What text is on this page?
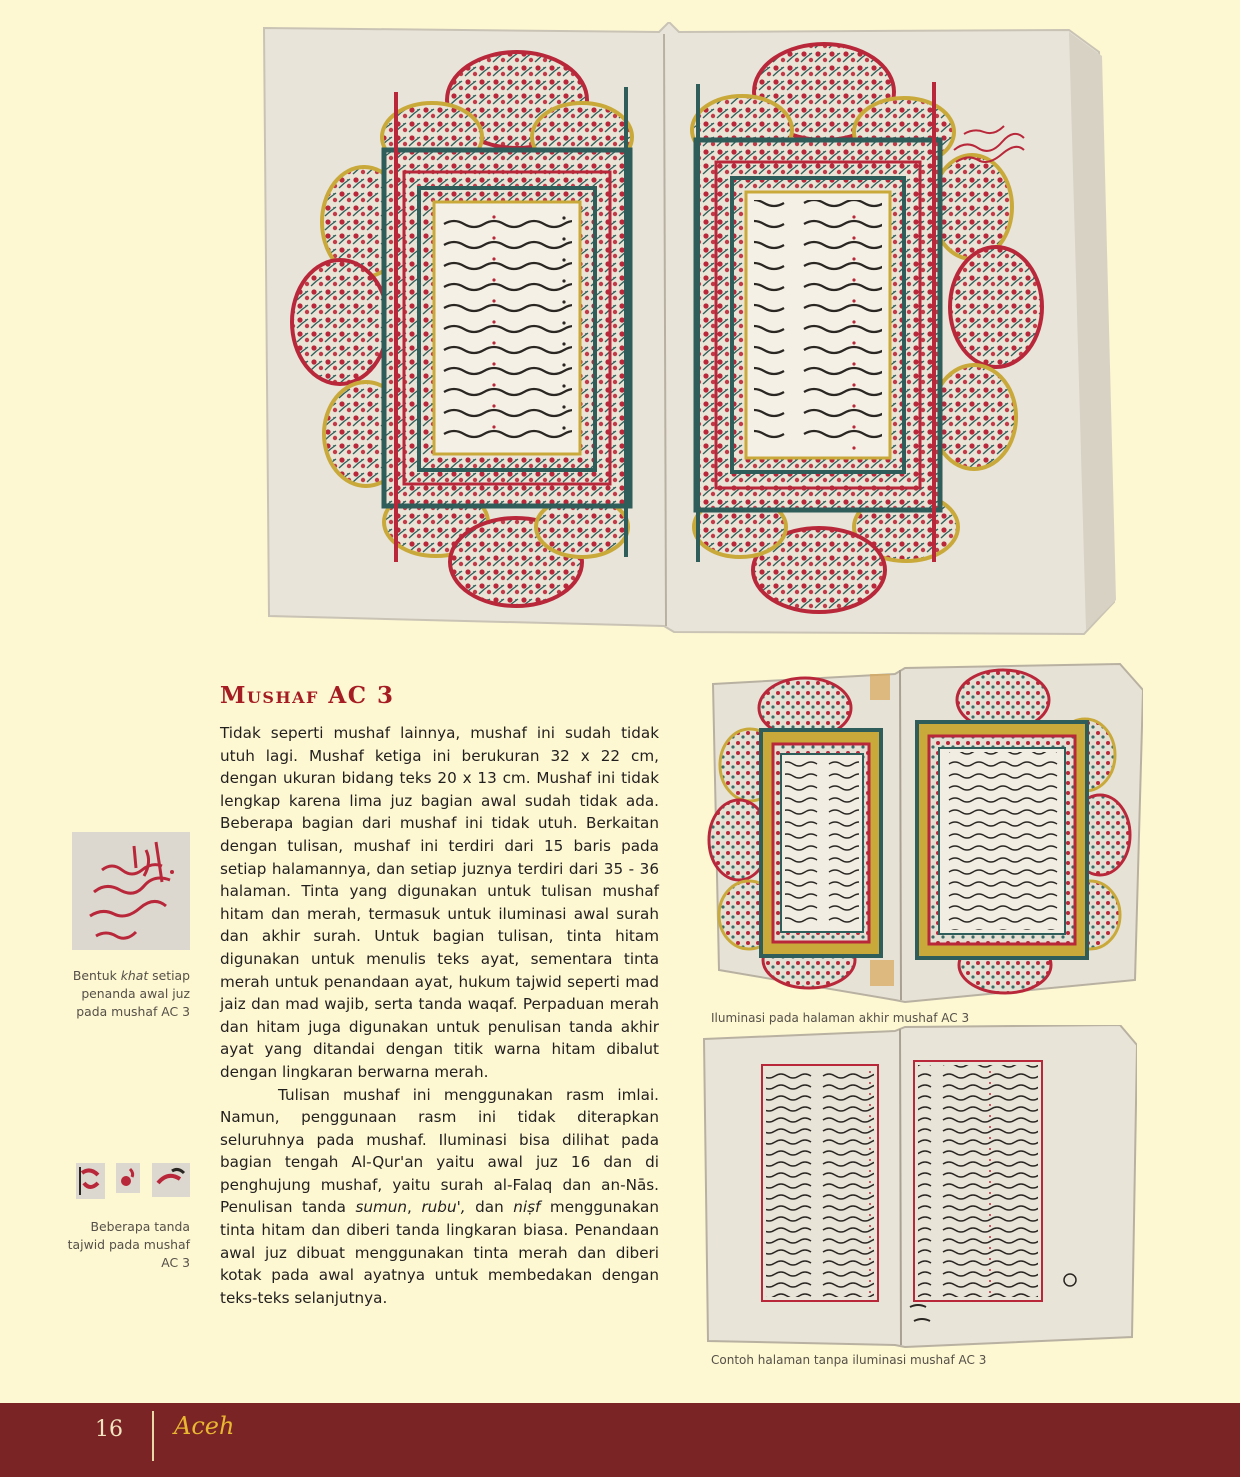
Mushaf AC 3

Tidak seperti mushaf lainnya, mushaf ini sudah tidak utuh lagi. Mushaf ketiga ini berukuran 32 x 22 cm, dengan ukuran bidang teks 20 x 13 cm. Mushaf ini tidak lengkap karena lima juz bagian awal sudah tidak ada. Beberapa bagian dari mushaf ini tidak utuh. Berkaitan dengan tulisan, mushaf ini terdiri dari 15 baris pada setiap halamannya, dan setiap juznya terdiri dari 35 - 36 halaman. Tinta yang digunakan untuk tulisan mushaf hitam dan merah, termasuk untuk iluminasi awal surah dan akhir surah. Untuk bagian tulisan, tinta hitam digunakan untuk menulis teks ayat, sementara tinta merah untuk penandaan ayat, hukum tajwid seperti mad jaiz dan mad wajib, serta tanda waqaf. Perpaduan merah dan hitam juga digunakan untuk penulisan tanda akhir ayat yang ditandai dengan titik warna hitam dibalut dengan lingkaran berwarna merah.

Tulisan mushaf ini menggunakan rasm imlai. Namun, penggunaan rasm ini tidak diterapkan seluruhnya pada mushaf. Iluminasi bisa dilihat pada bagian tengah Al-Qur'an yaitu awal juz 16 dan di penghujung mushaf, yaitu surah al-Falaq dan an-Nās. Penulisan tanda sumun, rubu', dan niṣf menggunakan tinta hitam dan diberi tanda lingkaran biasa. Penandaan awal juz dibuat menggunakan tinta merah dan diberi kotak pada awal ayatnya untuk membedakan dengan teks-teks selanjutnya.

Bentuk khat setiap penanda awal juz pada mushaf AC 3

Beberapa tanda tajwid pada mushaf AC 3

Iluminasi pada halaman akhir mushaf AC 3

Contoh halaman tanpa iluminasi mushaf AC 3

16 Aceh
